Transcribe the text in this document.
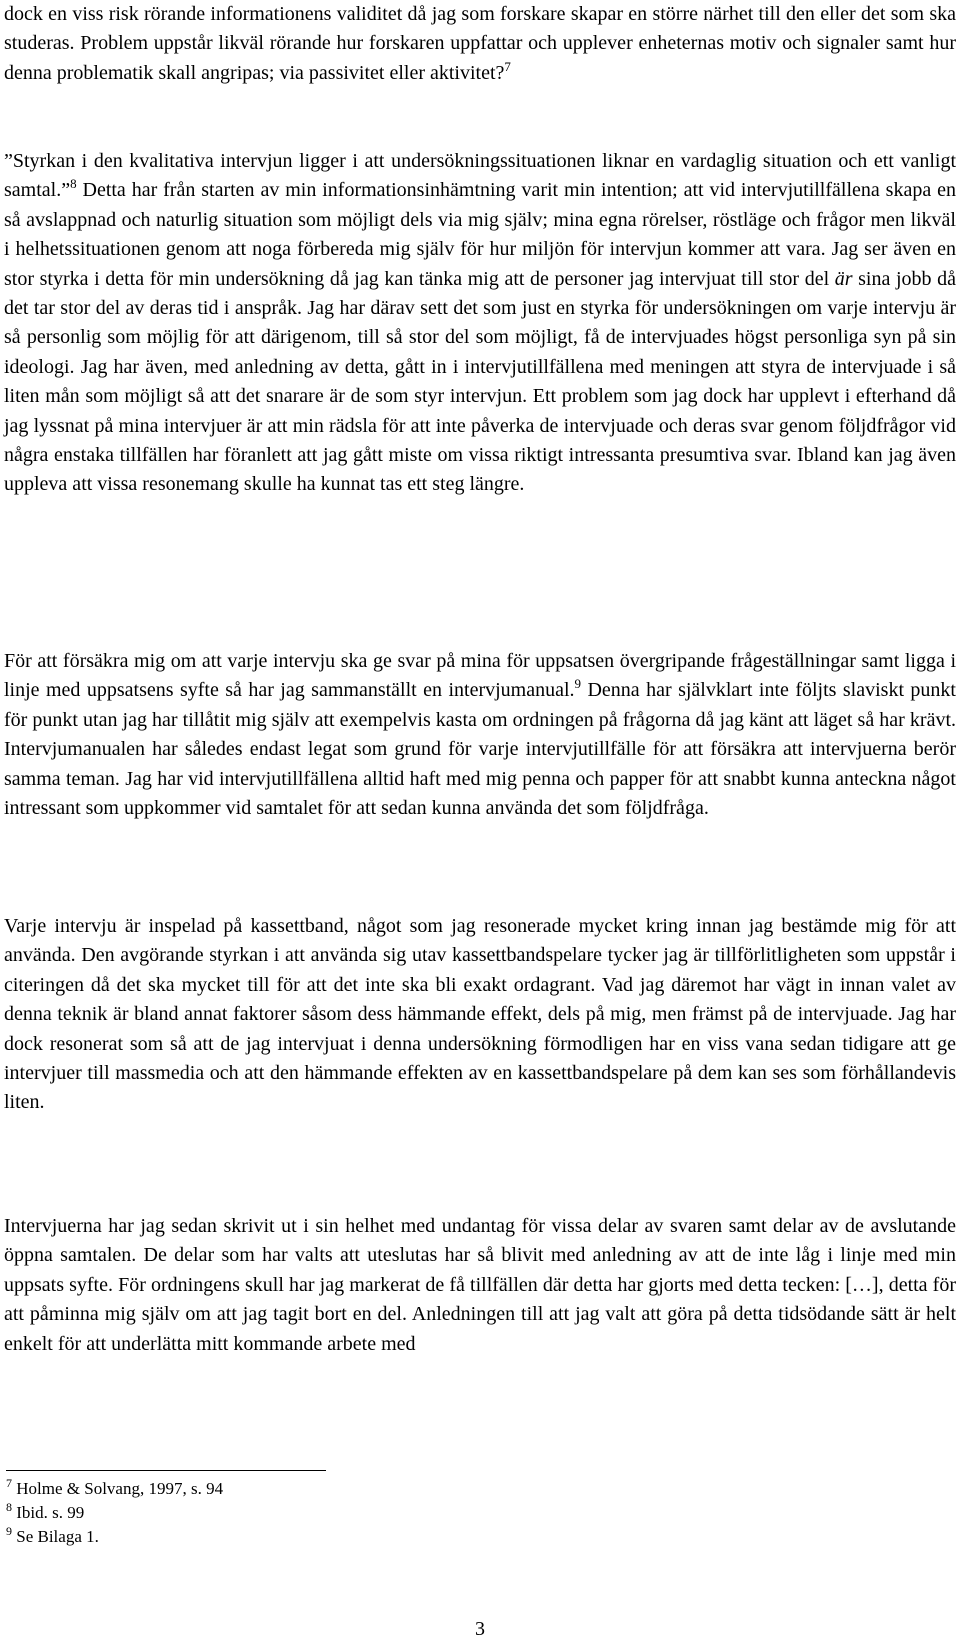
dock en viss risk rörande informationens validitet då jag som forskare skapar en större närhet till den eller det som ska studeras. Problem uppstår likväl rörande hur forskaren uppfattar och upplever enheternas motiv och signaler samt hur denna problematik skall angripas; via passivitet eller aktivitet?$^7$

”Styrkan i den kvalitativa intervjun ligger i att undersökningssituationen liknar en vardaglig situation och ett vanligt samtal.”$^8$ Detta har från starten av min informationsinhämtning varit min intention; att vid intervjutillfällena skapa en så avslappnad och naturlig situation som möjligt dels via mig själv; mina egna rörelser, röstläge och frågor men likväl i helhetssituationen genom att noga förbereda mig själv för hur miljön för intervjun kommer att vara. Jag ser även en stor styrka i detta för min undersökning då jag kan tänka mig att de personer jag intervjuat till stor del är sina jobb då det tar stor del av deras tid i anspråk. Jag har därav sett det som just en styrka för undersökningen om varje intervju är så personlig som möjlig för att därigenom, till så stor del som möjligt, få de intervjuades högst personliga syn på sin ideologi. Jag har även, med anledning av detta, gått in i intervjutillfällena med meningen att styra de intervjuade i så liten mån som möjligt så att det snarare är de som styr intervjun. Ett problem som jag dock har upplevt i efterhand då jag lyssnat på mina intervjuer är att min rädsla för att inte påverka de intervjuade och deras svar genom följdfrågor vid några enstaka tillfällen har föranlett att jag gått miste om vissa riktigt intressanta presumtiva svar. Ibland kan jag även uppleva att vissa resonemang skulle ha kunnat tas ett steg längre.

För att försäkra mig om att varje intervju ska ge svar på mina för uppsatsen övergripande frågeställningar samt ligga i linje med uppsatsens syfte så har jag sammanställt en intervjumanual.$^9$ Denna har självklart inte följts slaviskt punkt för punkt utan jag har tillåtit mig själv att exempelvis kasta om ordningen på frågorna då jag känt att läget så har krävt. Intervjumanualen har således endast legat som grund för varje intervjutillfälle för att försäkra att intervjuerna berör samma teman. Jag har vid intervjutillfällena alltid haft med mig penna och papper för att snabbt kunna anteckna något intressant som uppkommer vid samtalet för att sedan kunna använda det som följdfråga.

Varje intervju är inspelad på kassettband, något som jag resonerade mycket kring innan jag bestämde mig för att använda. Den avgörande styrkan i att använda sig utav kassettbandspelare tycker jag är tillförlitligheten som uppstår i citeringen då det ska mycket till för att det inte ska bli exakt ordagrant. Vad jag däremot har vägt in innan valet av denna teknik är bland annat faktorer såsom dess hämmande effekt, dels på mig, men främst på de intervjuade. Jag har dock resonerat som så att de jag intervjuat i denna undersökning förmodligen har en viss vana sedan tidigare att ge intervjuer till massmedia och att den hämmande effekten av en kassettbandspelare på dem kan ses som förhållandevis liten.

Intervjuerna har jag sedan skrivit ut i sin helhet med undantag för vissa delar av svaren samt delar av de avslutande öppna samtalen. De delar som har valts att uteslutas har så blivit med anledning av att de inte låg i linje med min uppsats syfte. För ordningens skull har jag markerat de få tillfällen där detta har gjorts med detta tecken: […], detta för att påminna mig själv om att jag tagit bort en del. Anledningen till att jag valt att göra på detta tidsödande sätt är helt enkelt för att underlätta mitt kommande arbete med

$^7$ Holme & Solvang, 1997, s. 94

$^8$ Ibid. s. 99

$^9$ Se Bilaga 1.

3
